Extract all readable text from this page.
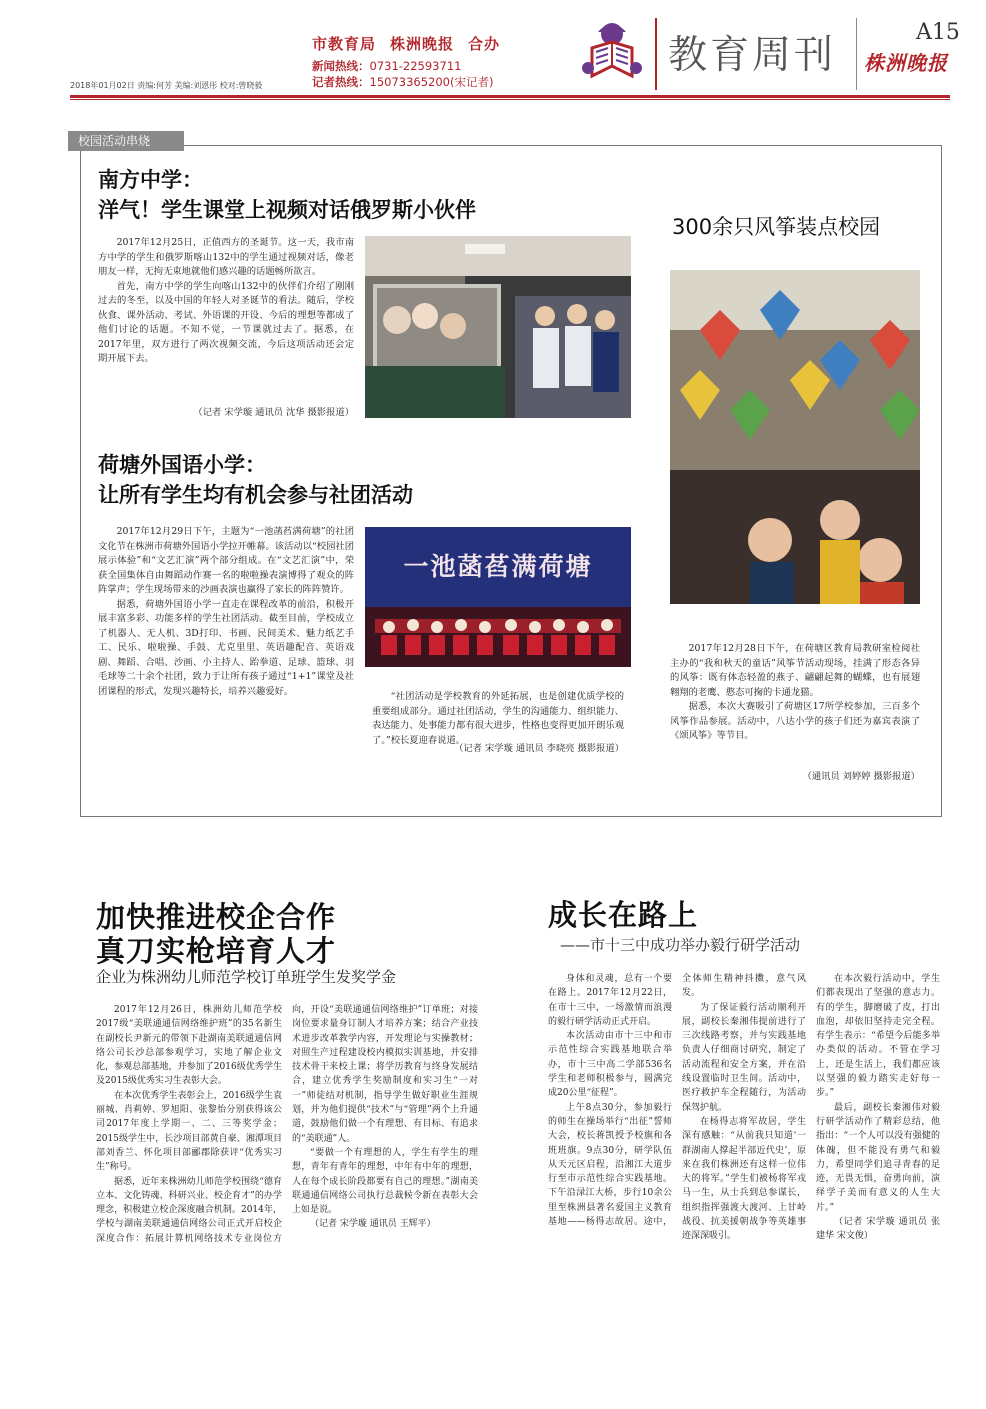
市教育局 株洲晚报 合办
新闻热线：0731-22593711
记者热线：15073365200(宋记者)
2018年01月02日 责编:何芳 美编:刘恩彤 校对:曾晓毅
教育周刊
A15
株洲晚报
校园活动串烧
南方中学：
洋气！学生课堂上视频对话俄罗斯小伙伴

2017年12月25日，正值西方的圣诞节。这一天，我市南方中学的学生和俄罗斯喀山132中的学生通过视频对话，像老朋友一样，无拘无束地就他们感兴趣的话题畅所欲言。

首先，南方中学的学生向喀山132中的伙伴们介绍了刚刚过去的冬至，以及中国的年轻人对圣诞节的看法。随后，学校伙食、课外活动、考试、外语课的开设、今后的理想等都成了他们讨论的话题。不知不觉，一节课就过去了。据悉，在2017年里，双方进行了两次视频交流，今后这项活动还会定期开展下去。

（记者 宋学璇 通讯员 沈华 摄影报道）
荷塘外国语小学：
让所有学生均有机会参与社团活动

2017年12月29日下午，主题为“一池菡萏满荷塘”的社团文化节在株洲市荷塘外国语小学拉开帷幕。该活动以“校园社团展示体验”和“文艺汇演”两个部分组成。在“文艺汇演”中，荣获全国集体自由舞蹈动作赛一名的啦啦操表演博得了观众的阵阵掌声；学生现场带来的沙画表演也赢得了家长的阵阵赞许。

据悉，荷塘外国语小学一直走在课程改革的前沿，积极开展丰富多彩、功能多样的学生社团活动。截至目前，学校成立了机器人、无人机、3D打印、书画、民间美术、魅力纸艺手工、民乐、啦啦操、手鼓、尤克里里、英语趣配音、英语戏剧、舞蹈、合唱、沙画、小主持人、跆拳道、足球、篮球、羽毛球等二十余个社团，致力于让所有孩子通过“1+1”课堂及社团课程的形式，发现兴趣特长，培养兴趣爱好。

一池菡萏满荷塘

“社团活动是学校教育的外延拓展，也是创建优质学校的重要组成部分。通过社团活动，学生的沟通能力、组织能力、表达能力、处事能力都有很大进步，性格也变得更加开朗乐观了。”校长夏迎春说道。

（记者 宋学璇 通讯员 李晓亮 摄影报道）
300余只风筝装点校园

2017年12月28日下午，在荷塘区教育局教研室检阅社主办的“我和秋天的童话”风筝节活动现场，挂满了形态各异的风筝：既有体态轻盈的燕子、翩翩起舞的蝴蝶，也有展翅翱翔的老鹰、憨态可掬的卡通龙猫。

据悉，本次大赛吸引了荷塘区17所学校参加，三百多个风筝作品参展。活动中，八达小学的孩子们还为嘉宾表演了《颂风筝》等节目。

（通讯员 刘婷婷 摄影报道）
加快推进校企合作
真刀实枪培育人才
企业为株洲幼儿师范学校订单班学生发奖学金

2017年12月26日，株洲幼儿师范学校2017级“美联通通信网络维护班”的35名新生在副校长尹新元的带领下赴湖南美联通通信网络公司长沙总部参观学习，实地了解企业文化，参观总部基地，并参加了2016级优秀学生及2015级优秀实习生表彰大会。

在本次优秀学生表彰会上，2016级学生袁丽城、肖莉婷、罗旭阳、张黎怡分别获得该公司2017年度上学期一、二、三等奖学金；2015级学生中，长沙项目部黄自豪、湘潭项目部刘香兰、怀化项目部郦郡除获评“优秀实习生”称号。

据悉，近年来株洲幼儿师范学校围绕“德育立本、文化铸魂、科研兴业、校企育才”的办学理念，积极建立校企深度融合机制。2014年，学校与湖南美联通通信网络公司正式开启校企深度合作：拓展计算机网络技术专业岗位方向，开设“美联通通信网络维护”订单班；对接岗位要求量身订制人才培养方案；结合产业技术进步改革教学内容，开发理论与实操教材；对照生产过程建设校内模拟实训基地，并安排技术骨干来校上课；将学历教育与终身发展结合，建立优秀学生奖励制度和实习生“一对一”师徒结对机制，指导学生做好职业生涯规划，并为他们提供“技术”与“管理”两个上升通道，鼓励他们做一个有理想、有目标、有追求的“美联通”人。

“要做一个有理想的人，学生有学生的理想，青年有青年的理想，中年有中年的理想，人在每个成长阶段都要有自己的理想。”湖南美联通通信网络公司执行总裁候令新在表彰大会上如是说。

（记者 宋学璇 通讯员 王辉平）

成长在路上
——市十三中成功举办毅行研学活动

身体和灵魂，总有一个要在路上。2017年12月22日，在市十三中，一场激情而浪漫的毅行研学活动正式开启。

本次活动由市十三中和市示范性综合实践基地联合举办，市十三中高二学部536名学生和老师积极参与，圆满完成20公里“征程”。

上午8点30分，参加毅行的师生在操场举行“出征”誓师大会，校长蒋凯授予校旗和各班班旗。9点30分，研学队伍从天元区启程，沿湘江大道步行至市示范性综合实践基地。下午沿渌江大桥，步行10余公里至株洲县著名爱国主义教育基地——杨得志故居。途中，全体师生精神抖擞，意气风发。

为了保证毅行活动顺利开展，副校长秦湘伟提前进行了三次线路考察，并与实践基地负责人仔细商讨研究，制定了活动流程和安全方案，并在沿线设置临时卫生间。活动中，医疗救护车全程随行，为活动保驾护航。

在杨得志将军故居，学生深有感触：“从前我只知道‘一群湖南人撑起半部近代史’，原来在我们株洲还有这样一位伟大的将军。”学生们被杨将军戎马一生，从士兵到总参谋长，组织指挥强渡大渡河、上甘岭战役、抗美援朝战争等英雄事迹深深吸引。

在本次毅行活动中，学生们都表现出了坚强的意志力。有的学生，脚磨破了皮，打出血泡，却依旧坚持走完全程。有学生表示：“希望今后能多举办类似的活动。不管在学习上，还是生活上，我们都应该以坚强的毅力踏实走好每一步。”

最后，副校长秦湘伟对毅行研学活动作了精彩总结，他指出：“一个人可以没有强健的体魄，但不能没有勇气和毅力，希望同学们追寻青春的足迹，无畏无惧，奋勇向前，演绎学子美而有意义的人生大片。”

（记者 宋学璇 通讯员 张建华 宋文俊）
